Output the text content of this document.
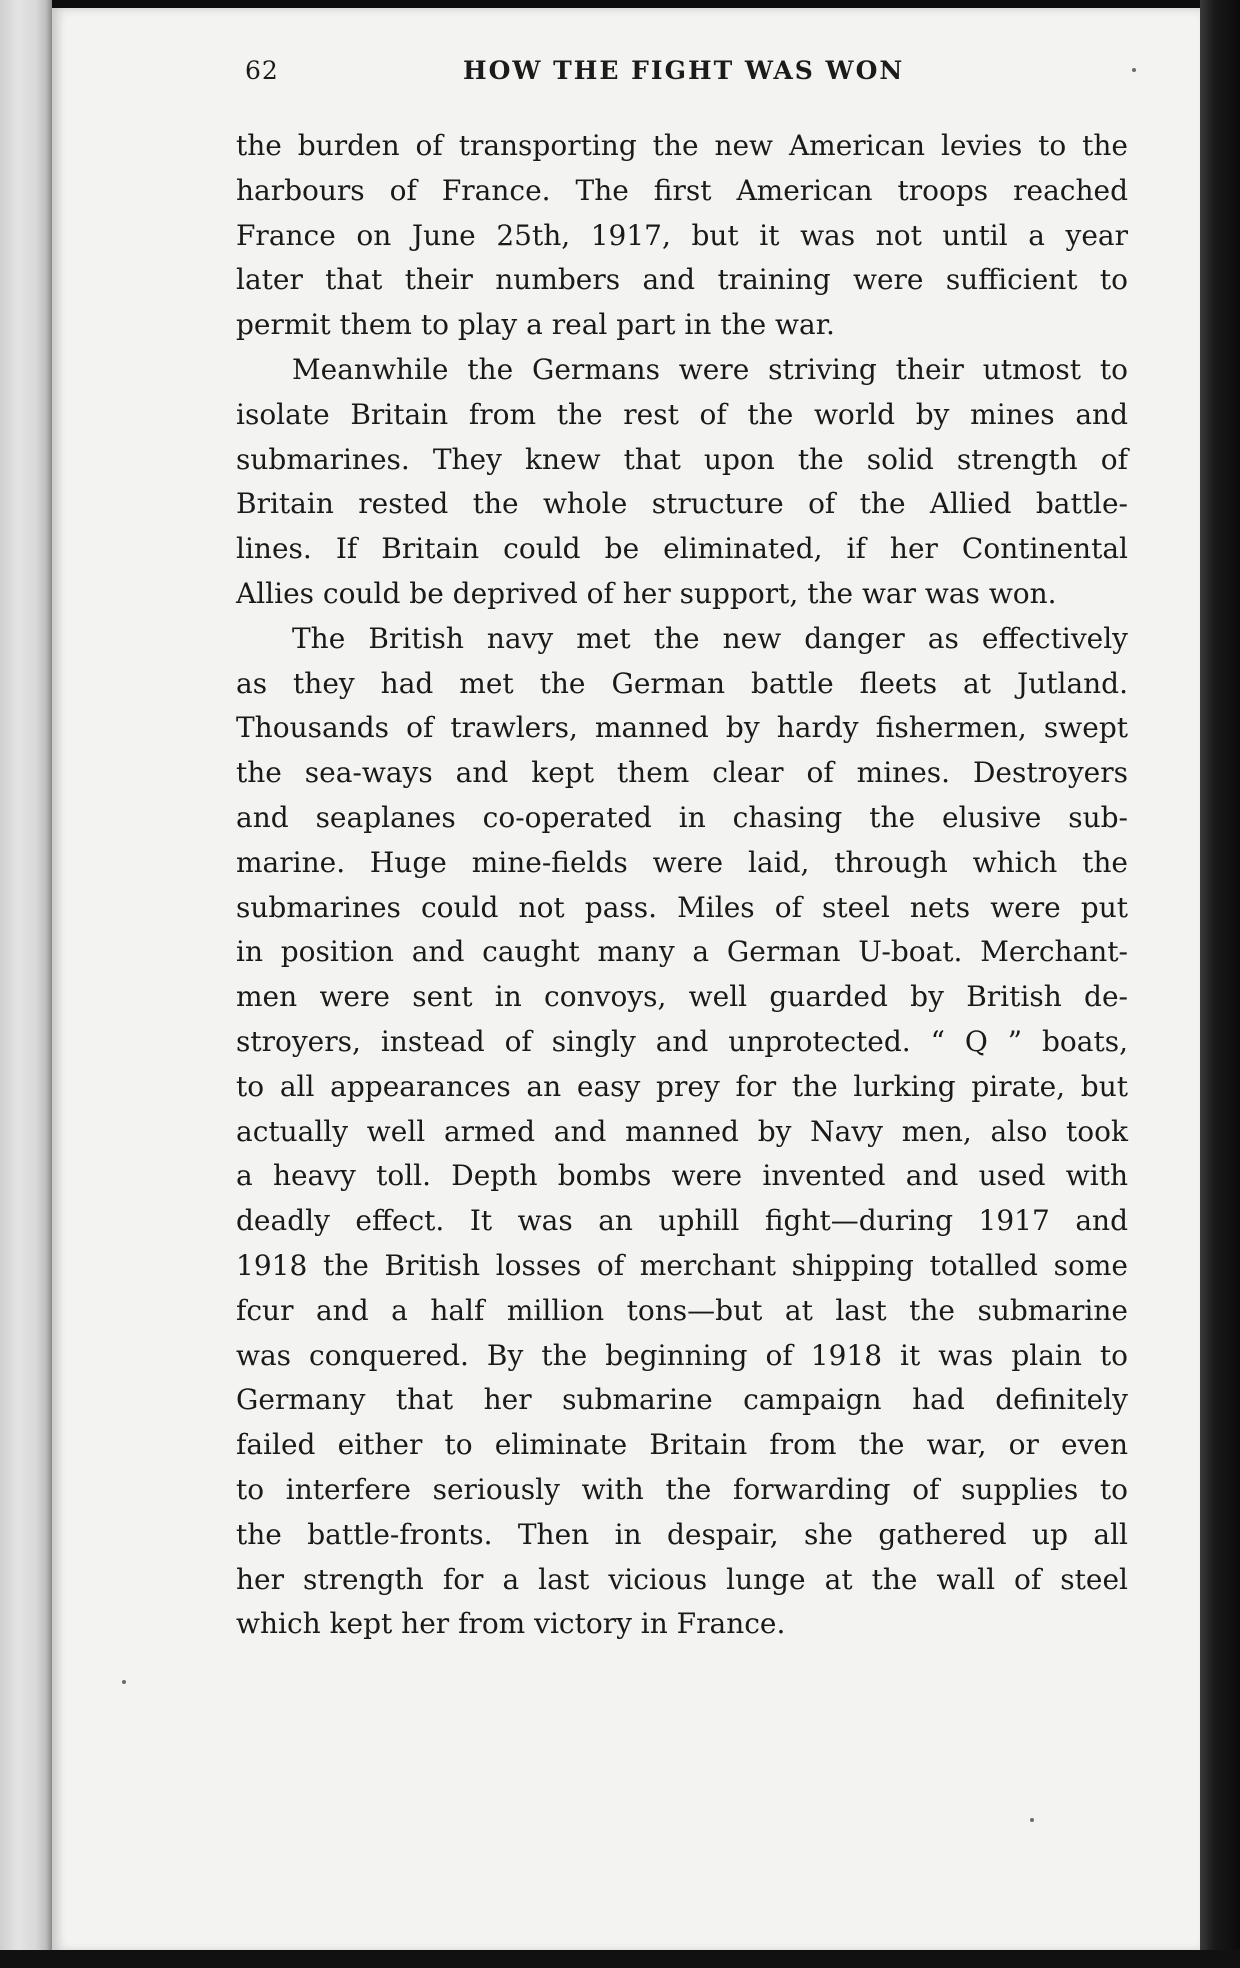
62	HOW THE FIGHT WAS WON
the burden of transporting the new American levies to the
harbours of France. The first American troops reached
France on June 25th, 1917, but it was not until a year
later that their numbers and training were sufficient to
permit them to play a real part in the war.
Meanwhile the Germans were striving their utmost to
isolate Britain from the rest of the world by mines and
submarines. They knew that upon the solid strength of
Britain rested the whole structure of the Allied battle-
lines. If Britain could be eliminated, if her Continental
Allies could be deprived of her support, the war was won.
The British navy met the new danger as effectively
as they had met the German battle fleets at Jutland.
Thousands of trawlers, manned by hardy fishermen, swept
the sea-ways and kept them clear of mines. Destroyers
and seaplanes co-operated in chasing the elusive sub-
marine. Huge mine-fields were laid, through which the
submarines could not pass. Miles of steel nets were put
in position and caught many a German U-boat. Merchant-
men were sent in convoys, well guarded by British de-
stroyers, instead of singly and unprotected. “ Q ” boats,
to all appearances an easy prey for the lurking pirate, but
actually well armed and manned by Navy men, also took
a heavy toll. Depth bombs were invented and used with
deadly effect. It was an uphill fight—during 1917 and
1918 the British losses of merchant shipping totalled some
fcur and a half million tons—but at last the submarine
was conquered. By the beginning of 1918 it was plain to
Germany that her submarine campaign had definitely
failed either to eliminate Britain from the war, or even
to interfere seriously with the forwarding of supplies to
the battle-fronts. Then in despair, she gathered up all
her strength for a last vicious lunge at the wall of steel
which kept her from victory in France.
